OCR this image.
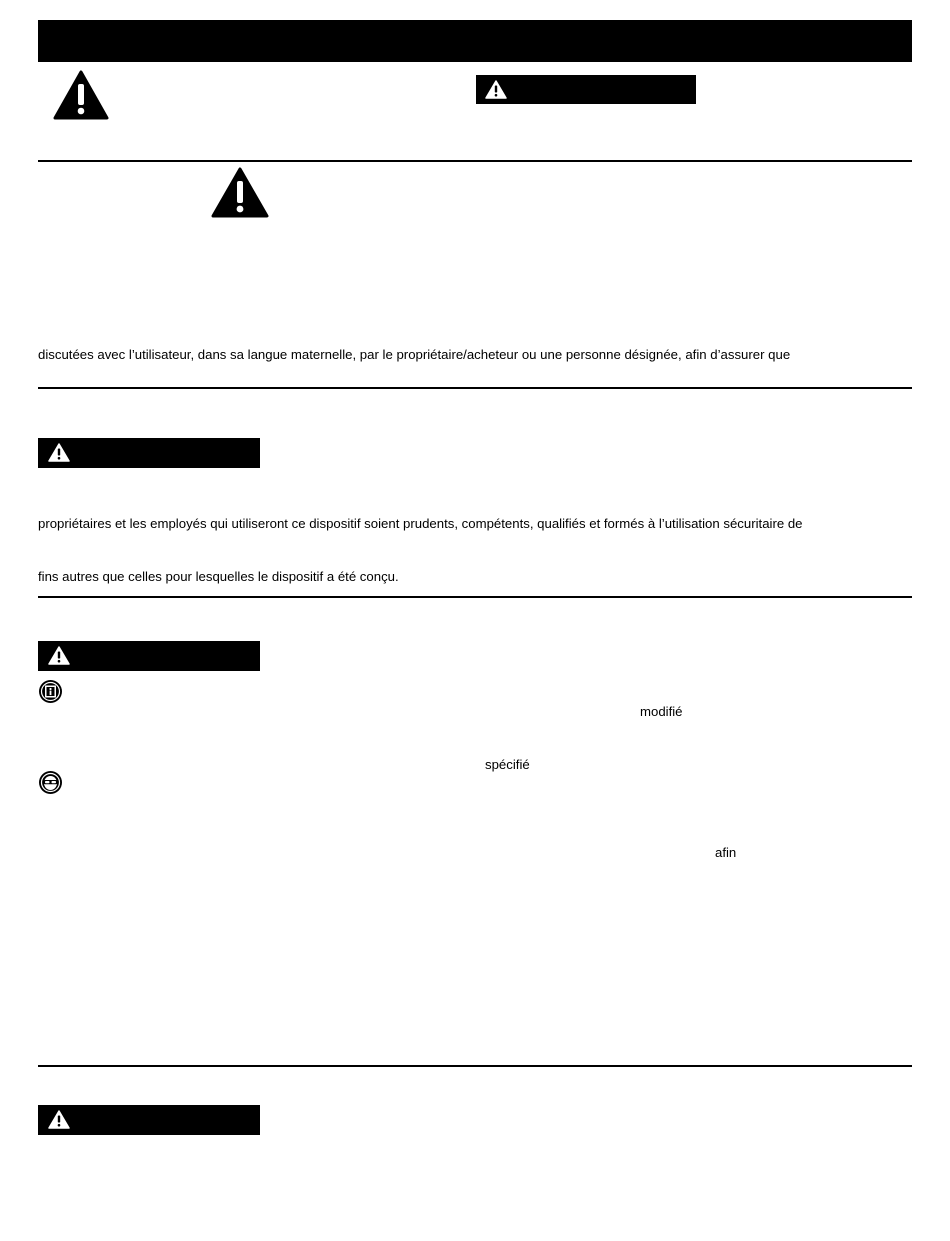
discutées avec l’utilisateur, dans sa langue maternelle, par le propriétaire/acheteur ou une personne désignée, afin d’assurer que
propriétaires et les employés qui utiliseront ce dispositif soient prudents, compétents, qualifiés et formés à l’utilisation sécuritaire de
fins autres que celles pour lesquelles le dispositif a été conçu.
modifié
spécifié
afin
